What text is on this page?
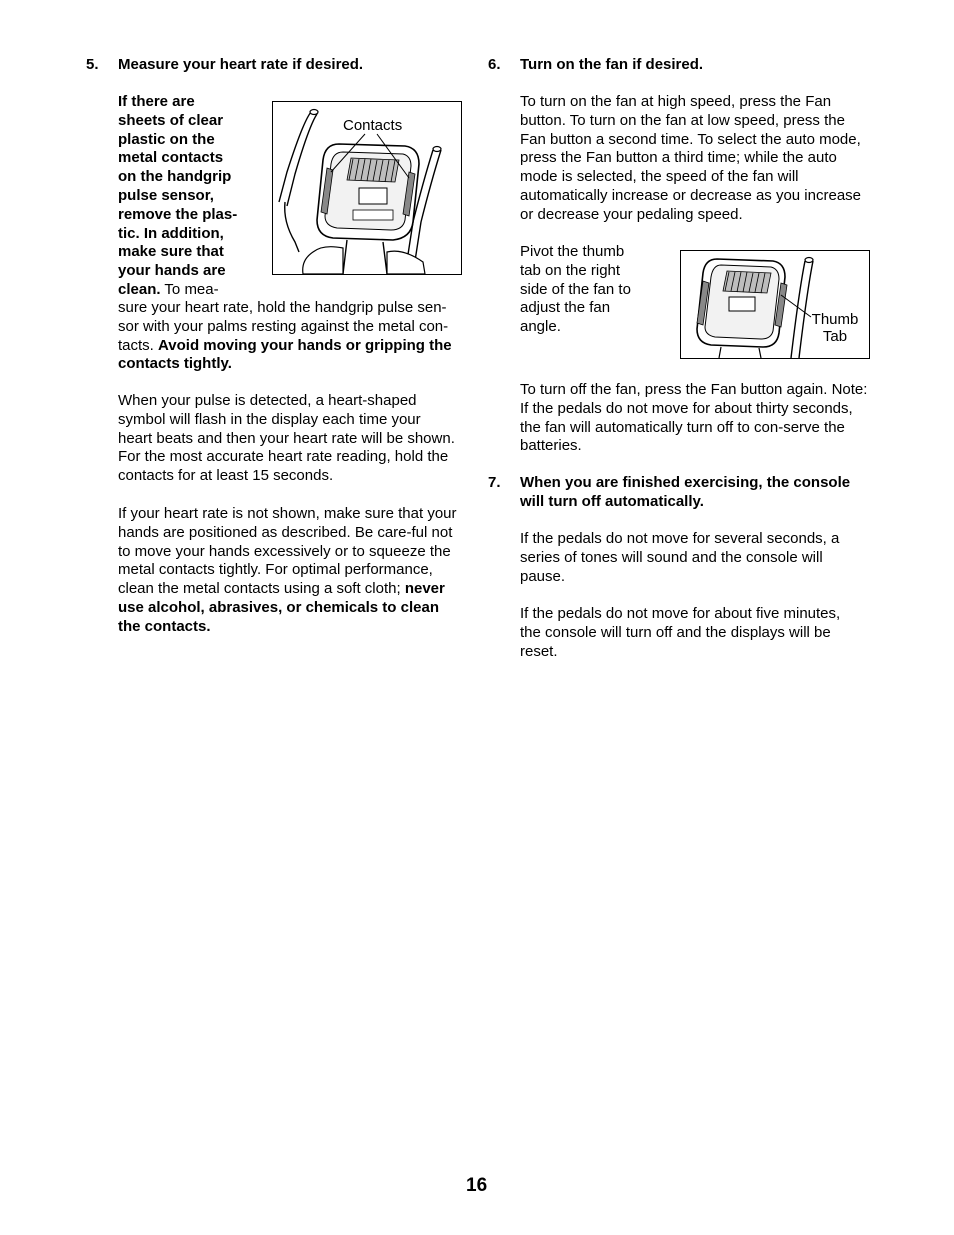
5. Measure your heart rate if desired.
If there are
sheets of clear
plastic on the
metal contacts
on the handgrip
pulse sensor,
remove the plas-
tic. In addition,
make sure that
your hands are
clean. To mea-
Contacts
sure your heart rate, hold the handgrip pulse sen-
sor with your palms resting against the metal con-
tacts. Avoid moving your hands or gripping the
contacts tightly.

When your pulse is detected, a heart-shaped symbol will flash in the display each time your heart beats and then your heart rate will be shown. For the most accurate heart rate reading, hold the contacts for at least 15 seconds.

If your heart rate is not shown, make sure that your hands are positioned as described. Be care-ful not to move your hands excessively or to squeeze the metal contacts tightly. For optimal performance, clean the metal contacts using a soft cloth; never use alcohol, abrasives, or chemicals to clean the contacts.

6. Turn on the fan if desired.

To turn on the fan at high speed, press the Fan button. To turn on the fan at low speed, press the Fan button a second time. To select the auto mode, press the Fan button a third time; while the auto mode is selected, the speed of the fan will automatically increase or decrease as you increase or decrease your pedaling speed.

Pivot the thumb
tab on the right
side of the fan to
adjust the fan
angle.	Thumb
Tab

To turn off the fan, press the Fan button again. Note: If the pedals do not move for about thirty seconds, the fan will automatically turn off to con-serve the batteries.

7. When you are finished exercising, the console
will turn off automatically.

If the pedals do not move for several seconds, a series of tones will sound and the console will pause.

If the pedals do not move for about five minutes, the console will turn off and the displays will be reset.

16
